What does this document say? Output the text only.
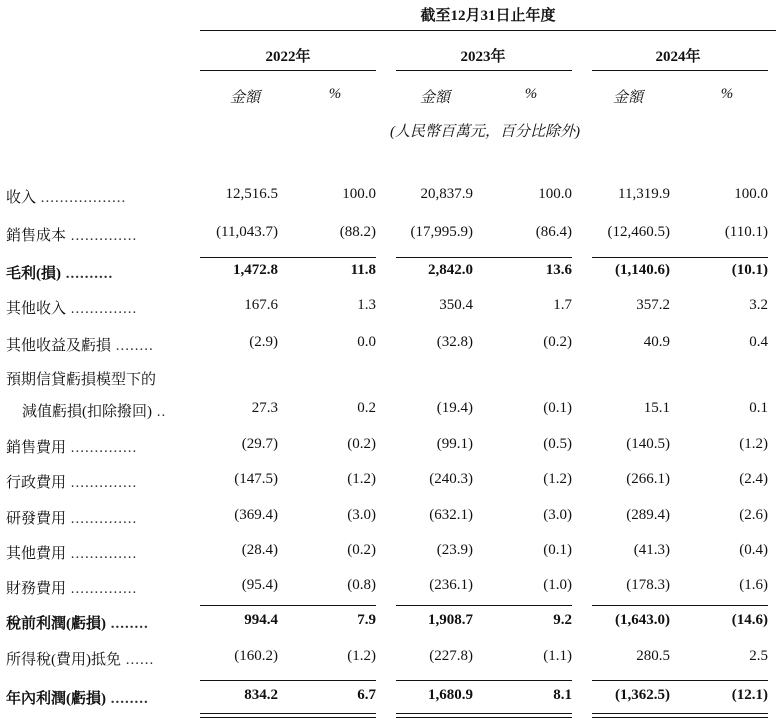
截至12月31日止年度
2022年	2023年	2024年
金額	%	金額	%	金額	%
(人民幣百萬元，百分比除外)
收入 ..................	12,516.5	100.0	20,837.9	100.0	11,319.9	100.0
銷售成本 ..............	(11,043.7)	(88.2)	(17,995.9)	(86.4)	(12,460.5)	(110.1)
毛利(損) ..........	1,472.8	11.8	2,842.0	13.6	(1,140.6)	(10.1)
其他收入 ..............	167.6	1.3	350.4	1.7	357.2	3.2
其他收益及虧損 ........	(2.9)	0.0	(32.8)	(0.2)	40.9	0.4
預期信貸虧損模型下的
減值虧損(扣除撥回) ..	27.3	0.2	(19.4)	(0.1)	15.1	0.1
銷售費用 ..............	(29.7)	(0.2)	(99.1)	(0.5)	(140.5)	(1.2)
行政費用 ..............	(147.5)	(1.2)	(240.3)	(1.2)	(266.1)	(2.4)
研發費用 ..............	(369.4)	(3.0)	(632.1)	(3.0)	(289.4)	(2.6)
其他費用 ..............	(28.4)	(0.2)	(23.9)	(0.1)	(41.3)	(0.4)
財務費用 ..............	(95.4)	(0.8)	(236.1)	(1.0)	(178.3)	(1.6)
稅前利潤(虧損) ........	994.4	7.9	1,908.7	9.2	(1,643.0)	(14.6)
所得稅(費用)抵免 ......	(160.2)	(1.2)	(227.8)	(1.1)	280.5	2.5
年內利潤(虧損) ........	834.2	6.7	1,680.9	8.1	(1,362.5)	(12.1)
